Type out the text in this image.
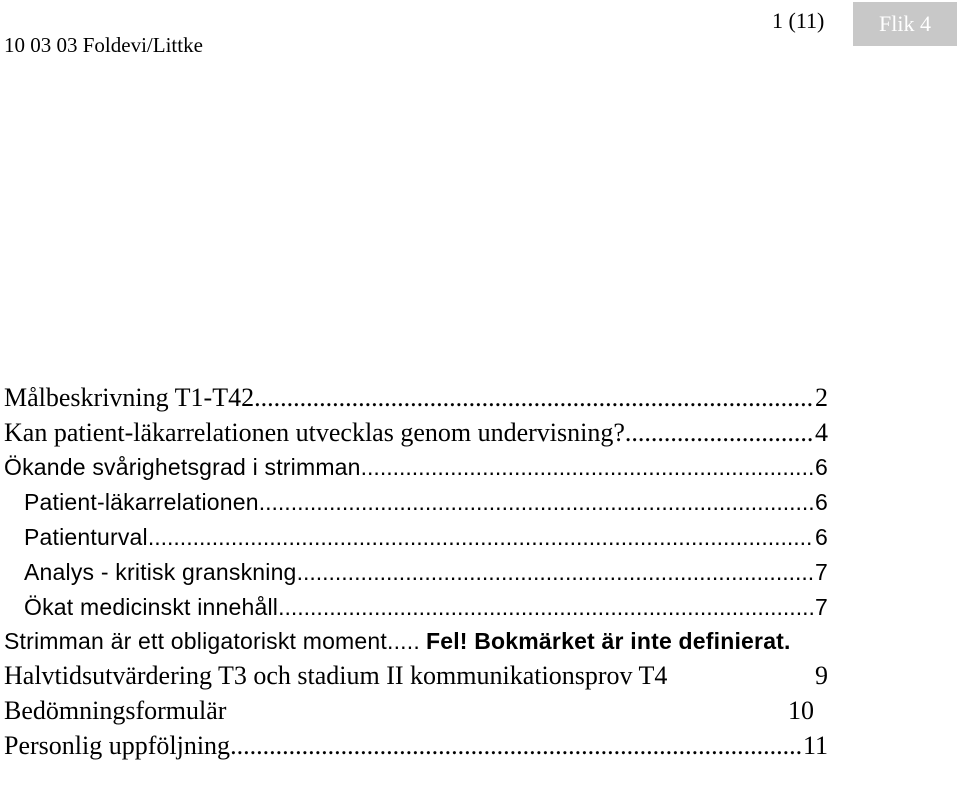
10 03 03 Foldevi/Littke
1 (11)	Flik 4
Målbeskrivning T1-T42 .....	2
Kan patient-läkarrelationen utvecklas genom undervisning? .....	4
Ökande svårighetsgrad i strimman .....	6
Patient-läkarrelationen .....	6
Patienturval .....	6
Analys - kritisk granskning .....	7
Ökat medicinskt innehåll .....	7
Strimman är ett obligatoriskt moment ..... Fel! Bokmärket är inte definierat.
Halvtidsutvärdering T3 och stadium II kommunikationsprov T4	9
Bedömningsformulär	10
Personlig uppföljning .....	11
